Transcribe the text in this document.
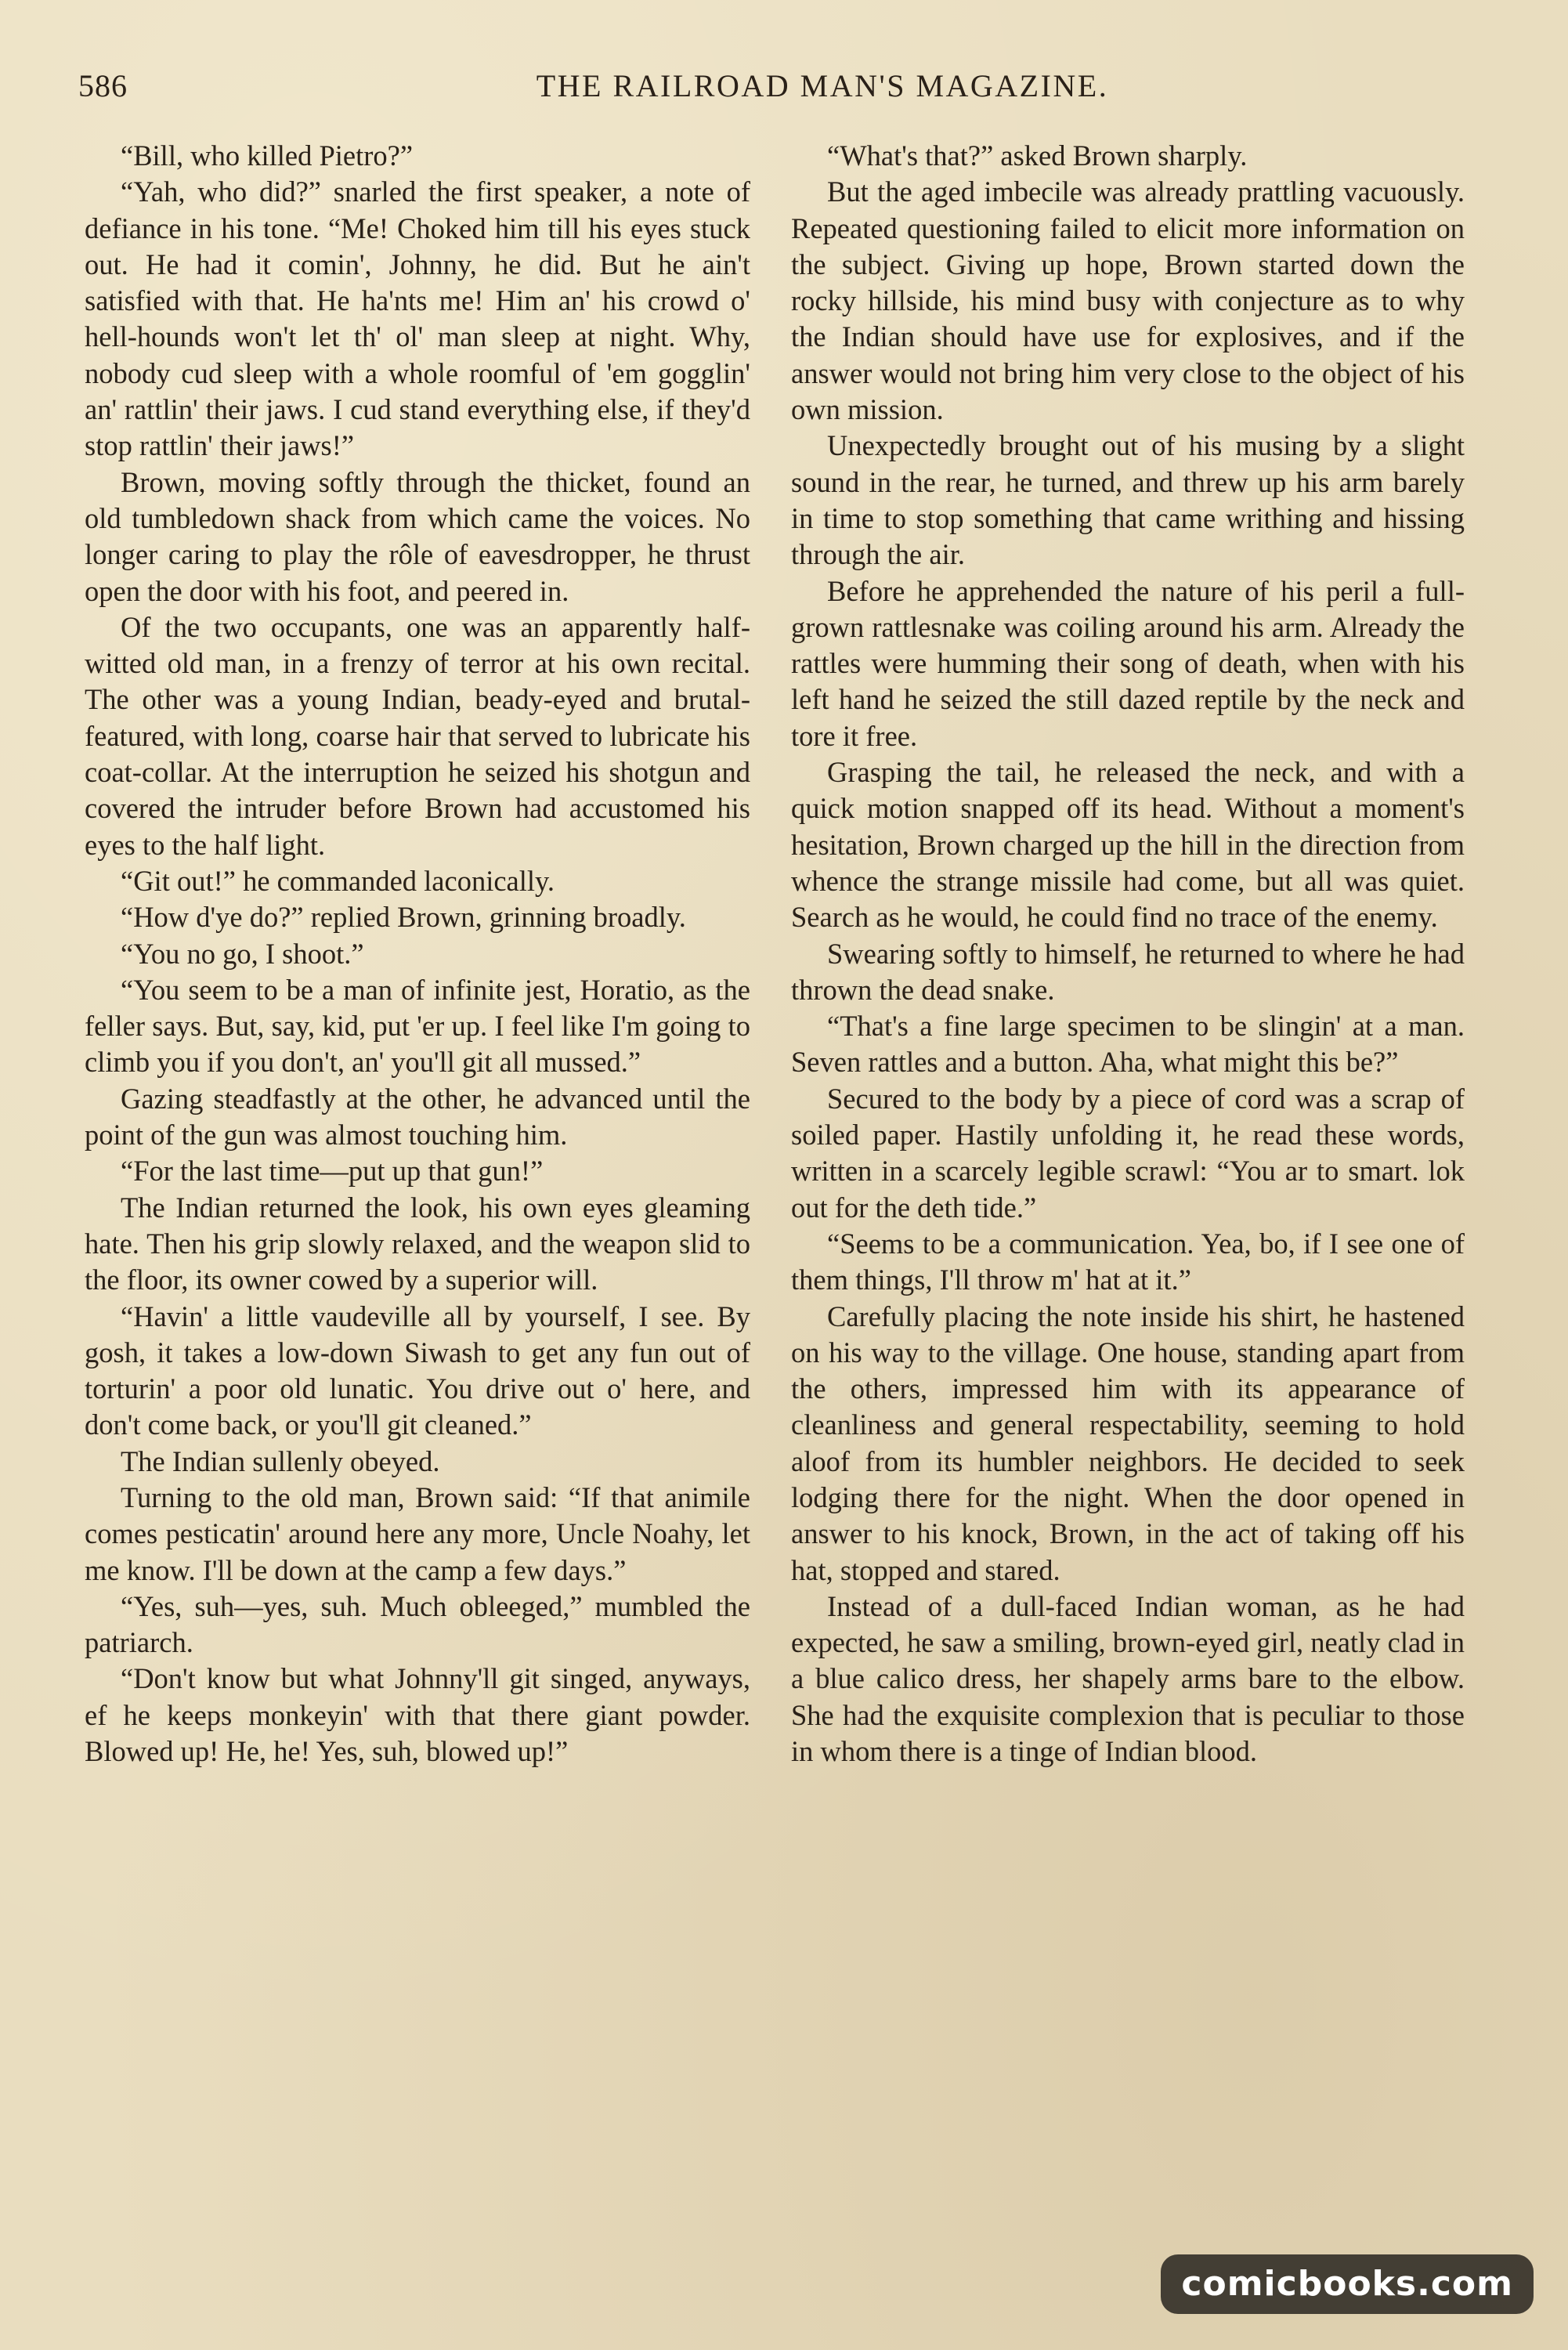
586	THE RAILROAD MAN'S MAGAZINE.

“Bill, who killed Pietro?”

“Yah, who did?” snarled the first speaker, a note of defiance in his tone. “Me! Choked him till his eyes stuck out. He had it comin', Johnny, he did. But he ain't satisfied with that. He ha'nts me! Him an' his crowd o' hell-hounds won't let th' ol' man sleep at night. Why, nobody cud sleep with a whole roomful of 'em gogglin' an' rattlin' their jaws. I cud stand everything else, if they'd stop rattlin' their jaws!”

Brown, moving softly through the thicket, found an old tumbledown shack from which came the voices. No longer caring to play the rôle of eavesdropper, he thrust open the door with his foot, and peered in.

Of the two occupants, one was an apparently half-witted old man, in a frenzy of terror at his own recital. The other was a young Indian, beady-eyed and brutal-featured, with long, coarse hair that served to lubricate his coat-collar. At the interruption he seized his shotgun and covered the intruder before Brown had accustomed his eyes to the half light.

“Git out!” he commanded laconically.

“How d'ye do?” replied Brown, grinning broadly.

“You no go, I shoot.”

“You seem to be a man of infinite jest, Horatio, as the feller says. But, say, kid, put 'er up. I feel like I'm going to climb you if you don't, an' you'll git all mussed.”

Gazing steadfastly at the other, he advanced until the point of the gun was almost touching him.

“For the last time—put up that gun!”

The Indian returned the look, his own eyes gleaming hate. Then his grip slowly relaxed, and the weapon slid to the floor, its owner cowed by a superior will.

“Havin' a little vaudeville all by yourself, I see. By gosh, it takes a low-down Siwash to get any fun out of torturin' a poor old lunatic. You drive out o' here, and don't come back, or you'll git cleaned.”

The Indian sullenly obeyed.

Turning to the old man, Brown said: “If that animile comes pesticatin' around here any more, Uncle Noahy, let me know. I'll be down at the camp a few days.”

“Yes, suh—yes, suh. Much obleeged,” mumbled the patriarch.

“Don't know but what Johnny'll git singed, anyways, ef he keeps monkeyin' with that there giant powder. Blowed up! He, he! Yes, suh, blowed up!”

“What's that?” asked Brown sharply.

But the aged imbecile was already prattling vacuously. Repeated questioning failed to elicit more information on the subject. Giving up hope, Brown started down the rocky hillside, his mind busy with conjecture as to why the Indian should have use for explosives, and if the answer would not bring him very close to the object of his own mission.

Unexpectedly brought out of his musing by a slight sound in the rear, he turned, and threw up his arm barely in time to stop something that came writhing and hissing through the air.

Before he apprehended the nature of his peril a full-grown rattlesnake was coiling around his arm. Already the rattles were humming their song of death, when with his left hand he seized the still dazed reptile by the neck and tore it free.

Grasping the tail, he released the neck, and with a quick motion snapped off its head. Without a moment's hesitation, Brown charged up the hill in the direction from whence the strange missile had come, but all was quiet. Search as he would, he could find no trace of the enemy.

Swearing softly to himself, he returned to where he had thrown the dead snake.

“That's a fine large specimen to be slingin' at a man. Seven rattles and a button. Aha, what might this be?”

Secured to the body by a piece of cord was a scrap of soiled paper. Hastily unfolding it, he read these words, written in a scarcely legible scrawl: “You ar to smart. lok out for the deth tide.”

“Seems to be a communication. Yea, bo, if I see one of them things, I'll throw m' hat at it.”

Carefully placing the note inside his shirt, he hastened on his way to the village. One house, standing apart from the others, impressed him with its appearance of cleanliness and general respectability, seeming to hold aloof from its humbler neighbors. He decided to seek lodging there for the night. When the door opened in answer to his knock, Brown, in the act of taking off his hat, stopped and stared.

Instead of a dull-faced Indian woman, as he had expected, he saw a smiling, brown-eyed girl, neatly clad in a blue calico dress, her shapely arms bare to the elbow. She had the exquisite complexion that is peculiar to those in whom there is a tinge of Indian blood.

comicbooks.com
